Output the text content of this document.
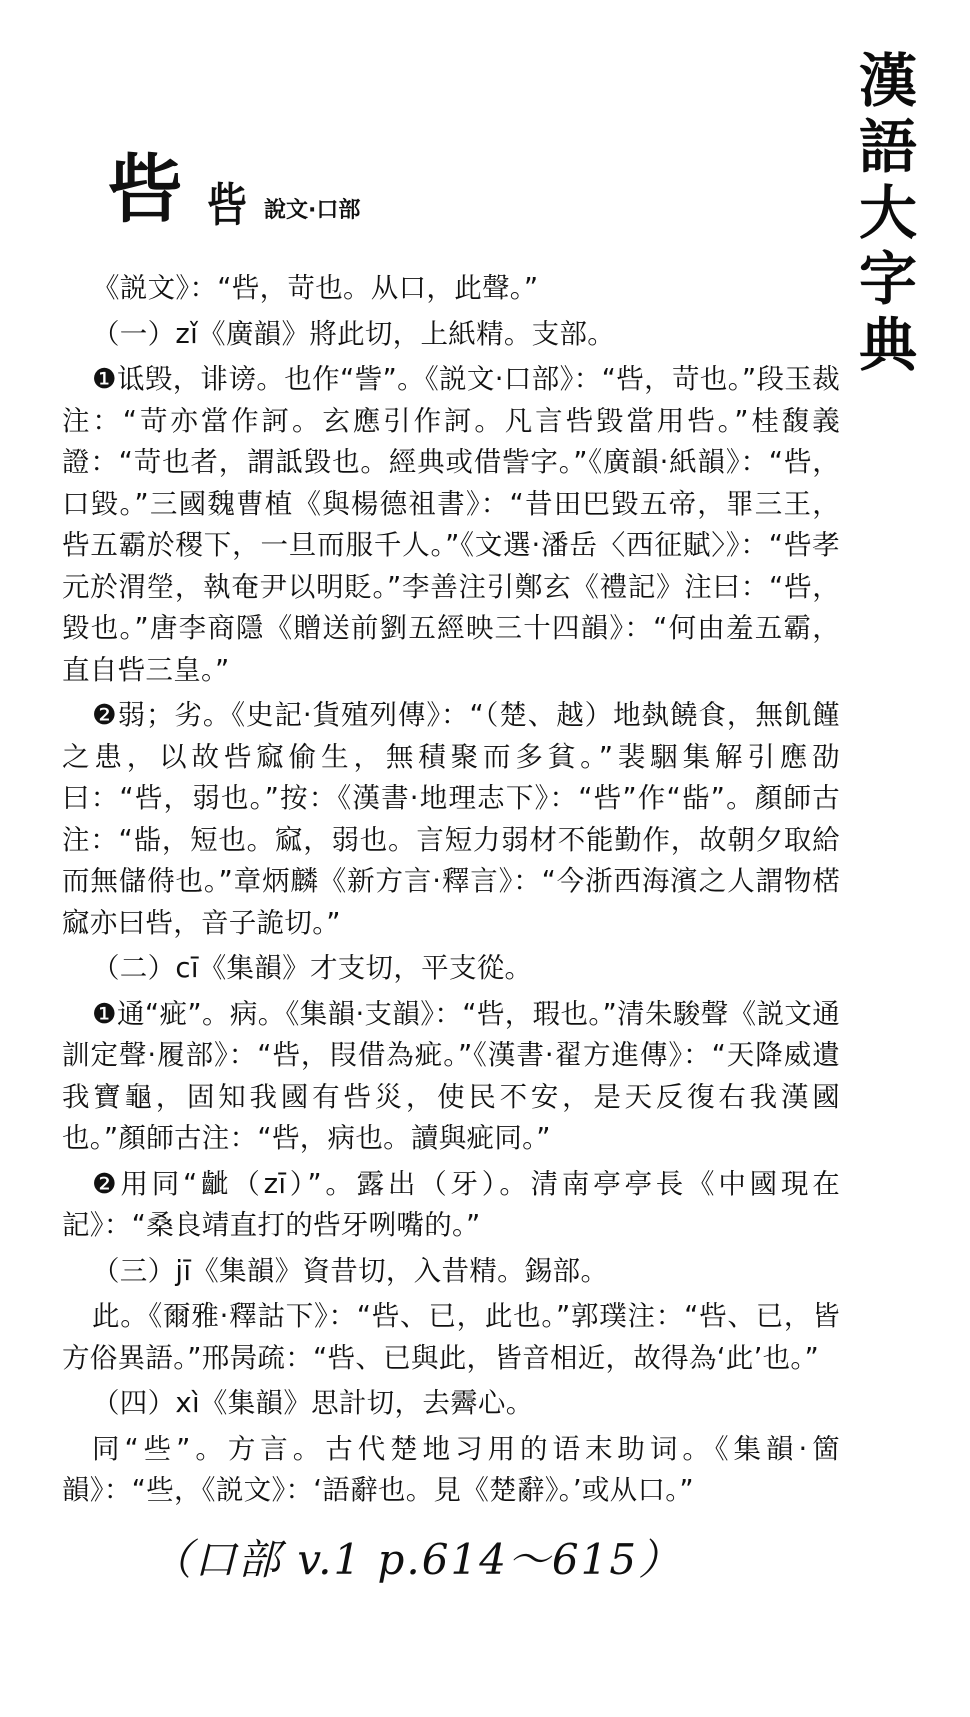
漢
語
大
字
典
呰 呰 說文·口部

《説文》：“呰，苛也。从口，此聲。”

（一）zǐ《廣韻》將此切，上紙精。支部。

❶诋毁，诽谤。也作“訾”。《説文·口部》：“呰，苛也。”段玉裁注：“苛亦當作訶。玄應引作訶。凡言呰毀當用呰。”桂馥義證：“苛也者，謂詆毀也。經典或借訾字。”《廣韻·紙韻》：“呰，口毀。”三國魏曹植《與楊德祖書》：“昔田巴毀五帝，罪三王，呰五霸於稷下，一旦而服千人。”《文選·潘岳〈西征賦〉》：“呰孝元於渭塋，執奄尹以明貶。”李善注引鄭玄《禮記》注曰：“呰，毀也。”唐李商隱《贈送前劉五經映三十四韻》：“何由羞五霸，直自呰三皇。”

❷弱；劣。《史記·貨殖列傳》：“（楚、越）地埶饒食，無飢饉之患，以故呰窳偷生，無積聚而多貧。”裴駰集解引應劭曰：“呰，弱也。”按：《漢書·地理志下》：“呰”作“啙”。顏師古注：“啙，短也。窳，弱也。言短力弱材不能勤作，故朝夕取給而無儲偫也。”章炳麟《新方言·釋言》：“今浙西海濱之人謂物楛窳亦曰呰，音子詭切。”

（二）cī《集韻》才支切，平支從。

❶通“疵”。病。《集韻·支韻》：“呰，瑕也。”清朱駿聲《説文通訓定聲·履部》：“呰，叚借為疵。”《漢書·翟方進傳》：“天降威遺我寶龜，固知我國有呰災，使民不安，是天反復右我漢國也。”顏師古注：“呰，病也。讀與疵同。”

❷用同“齜（zī）”。露出（牙）。清南亭亭長《中國現在記》：“桑良靖直打的呰牙咧嘴的。”

（三）jī《集韻》資昔切，入昔精。錫部。

此。《爾雅·釋詁下》：“呰、已，此也。”郭璞注：“呰、已，皆方俗異語。”邢昺疏：“呰、已與此，皆音相近，故得為‘此’也。”

（四）xì《集韻》思計切，去霽心。

同“些”。方言。古代楚地习用的语末助词。《集韻·箇韻》：“些，《説文》：‘語辭也。見《楚辭》。’或从口。”

（口部 v.1 p.614～615）
